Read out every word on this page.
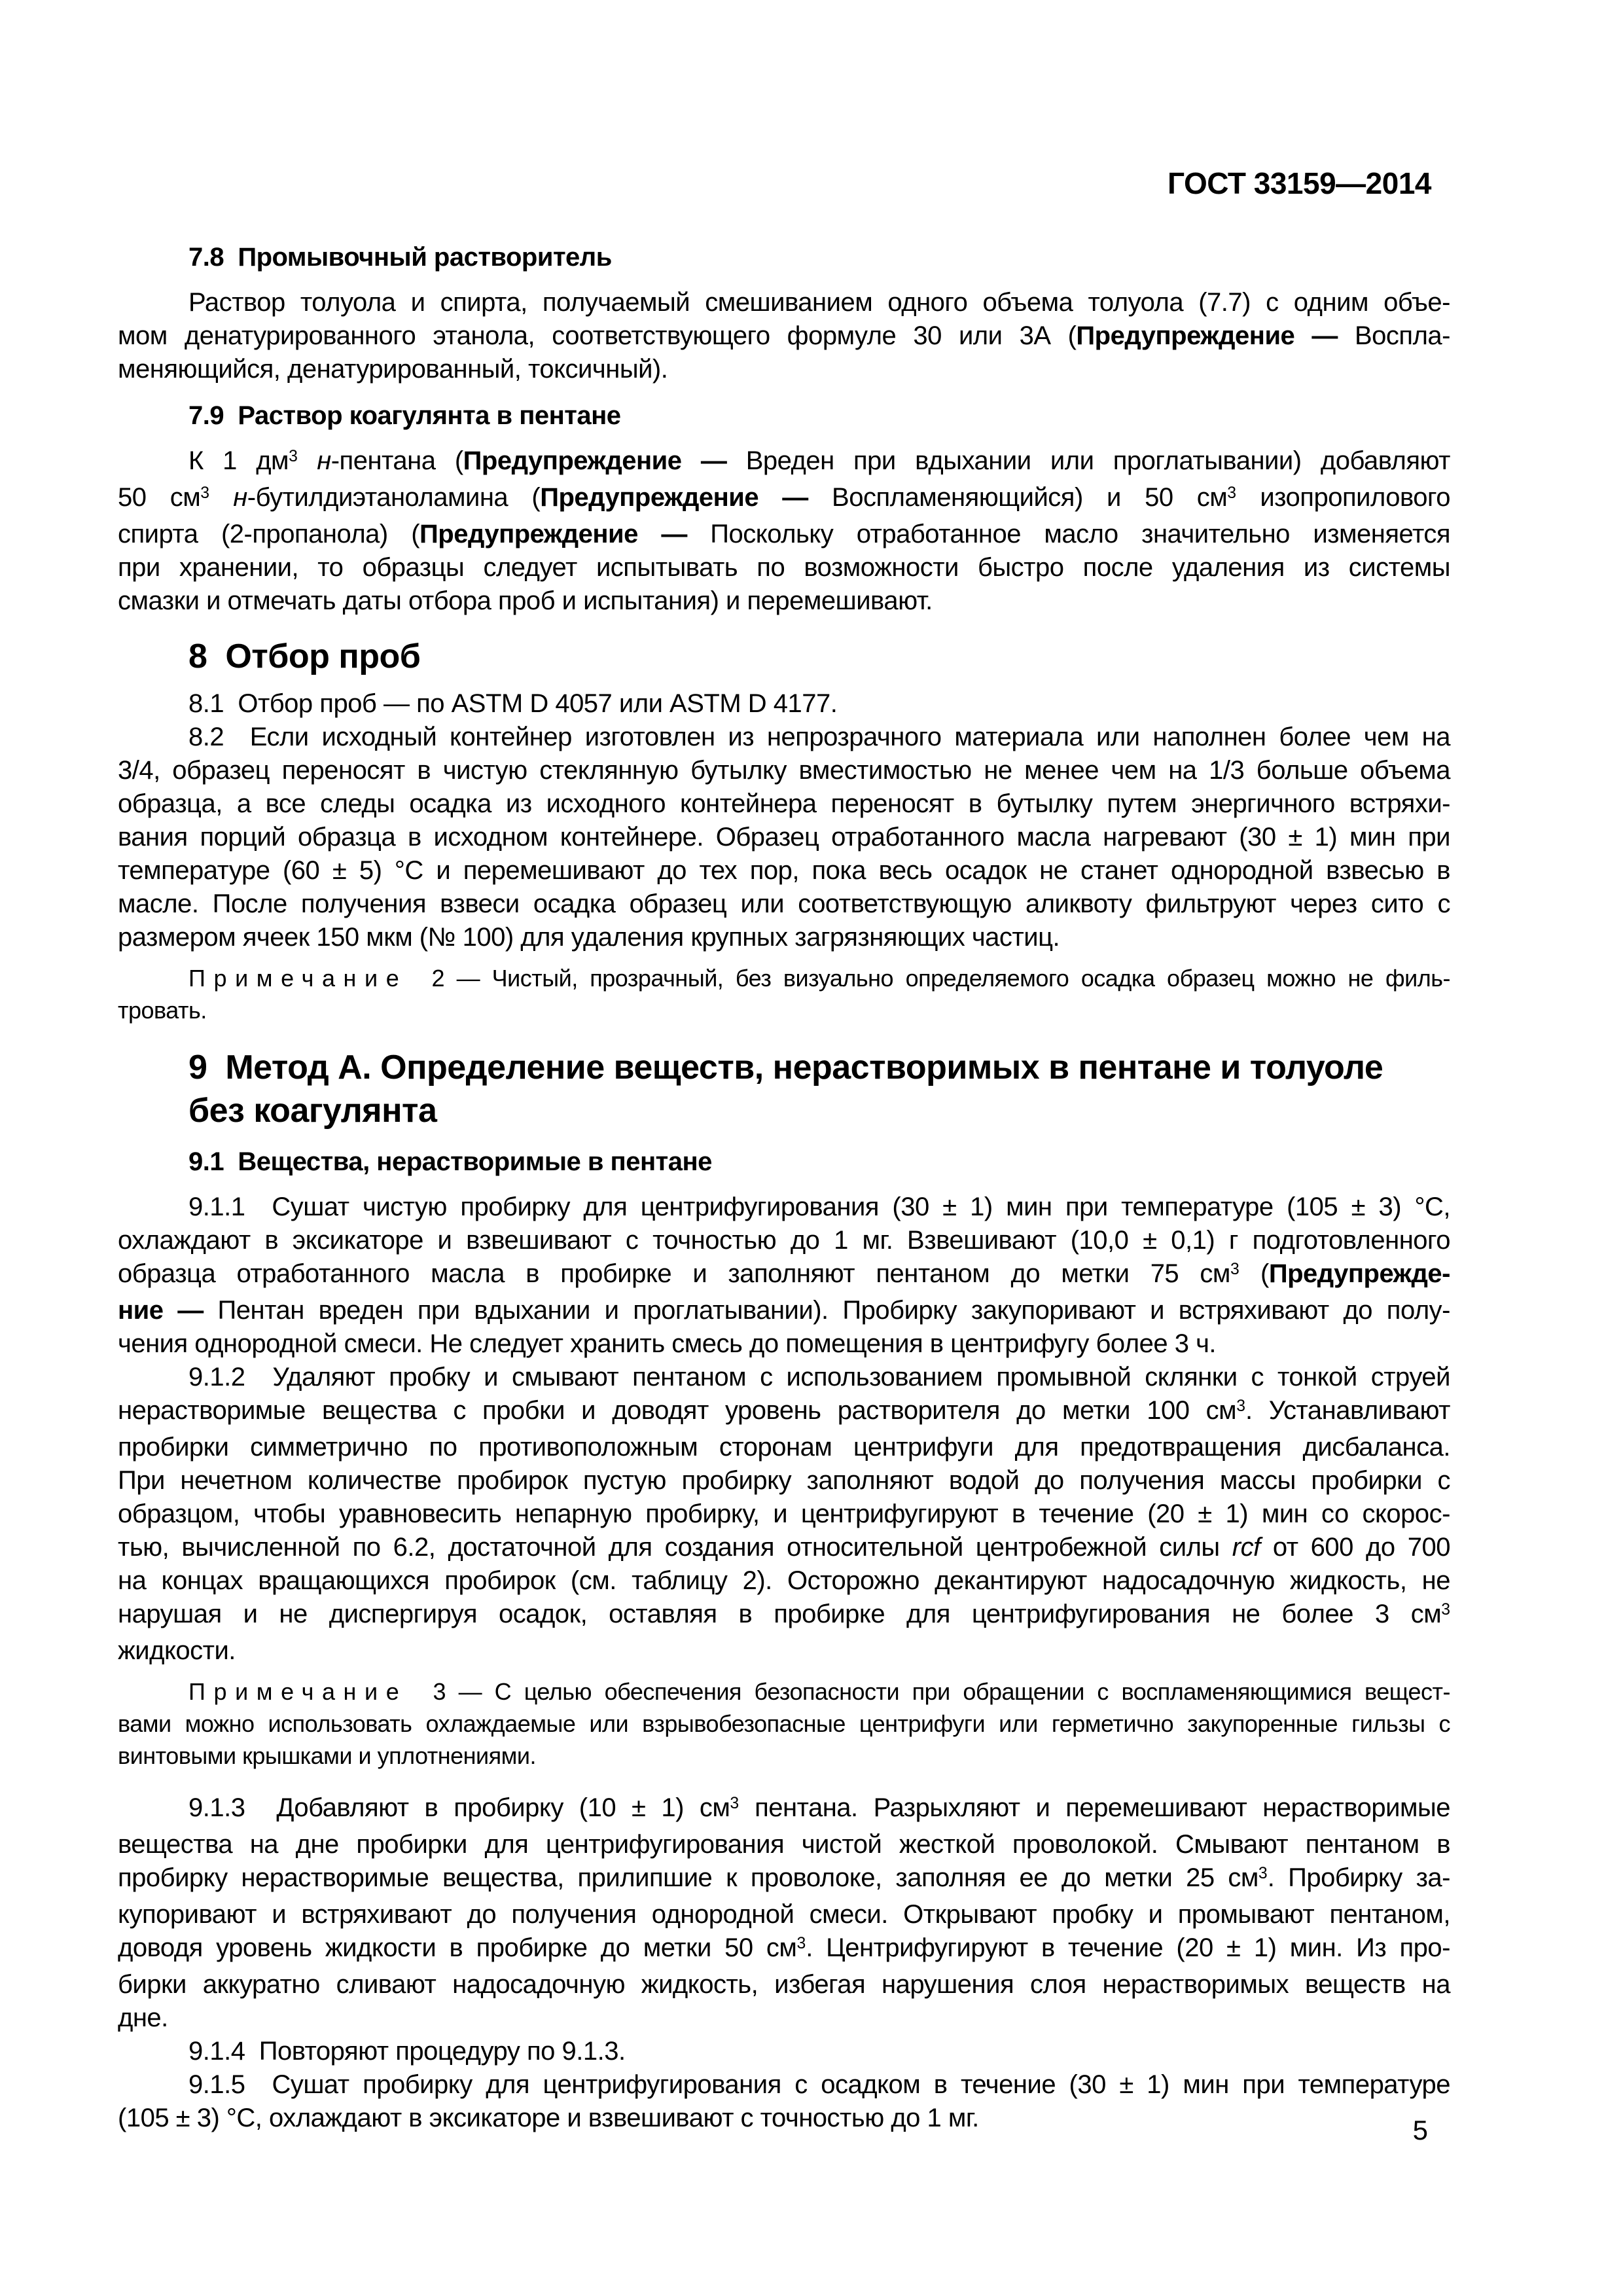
ГОСТ 33159—2014
7.8  Промывочный растворитель
Раствор толуола и спирта, получаемый смешиванием одного объема толуола (7.7) с одним объе-
мом денатурированного этанола, соответствующего формуле 30 или 3А (Предупреждение — Воспла-
меняющийся, денатурированный, токсичный).
7.9  Раствор коагулянта в пентане
К 1 $дм^3$ н-пентана (Предупреждение — Вреден при вдыхании или проглатывании) добавляют
50 $см^3$ н-бутилдиэтаноламина (Предупреждение — Воспламеняющийся) и 50 $см^3$ изопропилового
спирта (2-пропанола) (Предупреждение — Поскольку отработанное масло значительно изменяется
при хранении, то образцы следует испытывать по возможности быстро после удаления из системы
смазки и отмечать даты отбора проб и испытания) и перемешивают.
8  Отбор проб
8.1  Отбор проб — по ASTM D 4057 или ASTM D 4177.
8.2  Если исходный контейнер изготовлен из непрозрачного материала или наполнен более чем на
3/4, образец переносят в чистую стеклянную бутылку вместимостью не менее чем на 1/3 больше объема
образца, а все следы осадка из исходного контейнера переносят в бутылку путем энергичного встряхи-
вания порций образца в исходном контейнере. Образец отработанного масла нагревают (30 ± 1) мин при
температуре (60 ± 5) °С и перемешивают до тех пор, пока весь осадок не станет однородной взвесью в
масле. После получения взвеси осадка образец или соответствующую аликвоту фильтруют через сито с
размером ячеек 150 мкм (№ 100) для удаления крупных загрязняющих частиц.
Примечание  2 — Чистый, прозрачный, без визуально определяемого осадка образец можно не филь-
тровать.
9  Метод А. Определение веществ, нерастворимых в пентане и толуоле
без коагулянта
9.1  Вещества, нерастворимые в пентане
9.1.1  Сушат чистую пробирку для центрифугирования (30 ± 1) мин при температуре (105 ± 3) °С,
охлаждают в эксикаторе и взвешивают с точностью до 1 мг. Взвешивают (10,0 ± 0,1) г подготовленного
образца отработанного масла в пробирке и заполняют пентаном до метки 75 $см^3$ (Предупрежде-
ние — Пентан вреден при вдыхании и проглатывании). Пробирку закупоривают и встряхивают до полу-
чения однородной смеси. Не следует хранить смесь до помещения в центрифугу более 3 ч.
9.1.2  Удаляют пробку и смывают пентаном с использованием промывной склянки с тонкой струей
нерастворимые вещества с пробки и доводят уровень растворителя до метки 100 $см^3$. Устанавливают
пробирки симметрично по противоположным сторонам центрифуги для предотвращения дисбаланса.
При нечетном количестве пробирок пустую пробирку заполняют водой до получения массы пробирки с
образцом, чтобы уравновесить непарную пробирку, и центрифугируют в течение (20 ± 1) мин со скорос-
тью, вычисленной по 6.2, достаточной для создания относительной центробежной силы rcf от 600 до 700
на концах вращающихся пробирок (см. таблицу 2). Осторожно декантируют надосадочную жидкость, не
нарушая и не диспергируя осадок, оставляя в пробирке для центрифугирования не более 3 $см^3$
жидкости.
Примечание  3 — С целью обеспечения безопасности при обращении с воспламеняющимися вещест-
вами можно использовать охлаждаемые или взрывобезопасные центрифуги или герметично закупоренные гильзы с
винтовыми крышками и уплотнениями.
9.1.3  Добавляют в пробирку (10 ± 1) $см^3$ пентана. Разрыхляют и перемешивают нерастворимые
вещества на дне пробирки для центрифугирования чистой жесткой проволокой. Смывают пентаном в
пробирку нерастворимые вещества, прилипшие к проволоке, заполняя ее до метки 25 $см^3$. Пробирку за-
купоривают и встряхивают до получения однородной смеси. Открывают пробку и промывают пентаном,
доводя уровень жидкости в пробирке до метки 50 $см^3$. Центрифугируют в течение (20 ± 1) мин. Из про-
бирки аккуратно сливают надосадочную жидкость, избегая нарушения слоя нерастворимых веществ на
дне.
9.1.4  Повторяют процедуру по 9.1.3.
9.1.5  Сушат пробирку для центрифугирования с осадком в течение (30 ± 1) мин при температуре
(105 ± 3) °С, охлаждают в эксикаторе и взвешивают с точностью до 1 мг.	5
